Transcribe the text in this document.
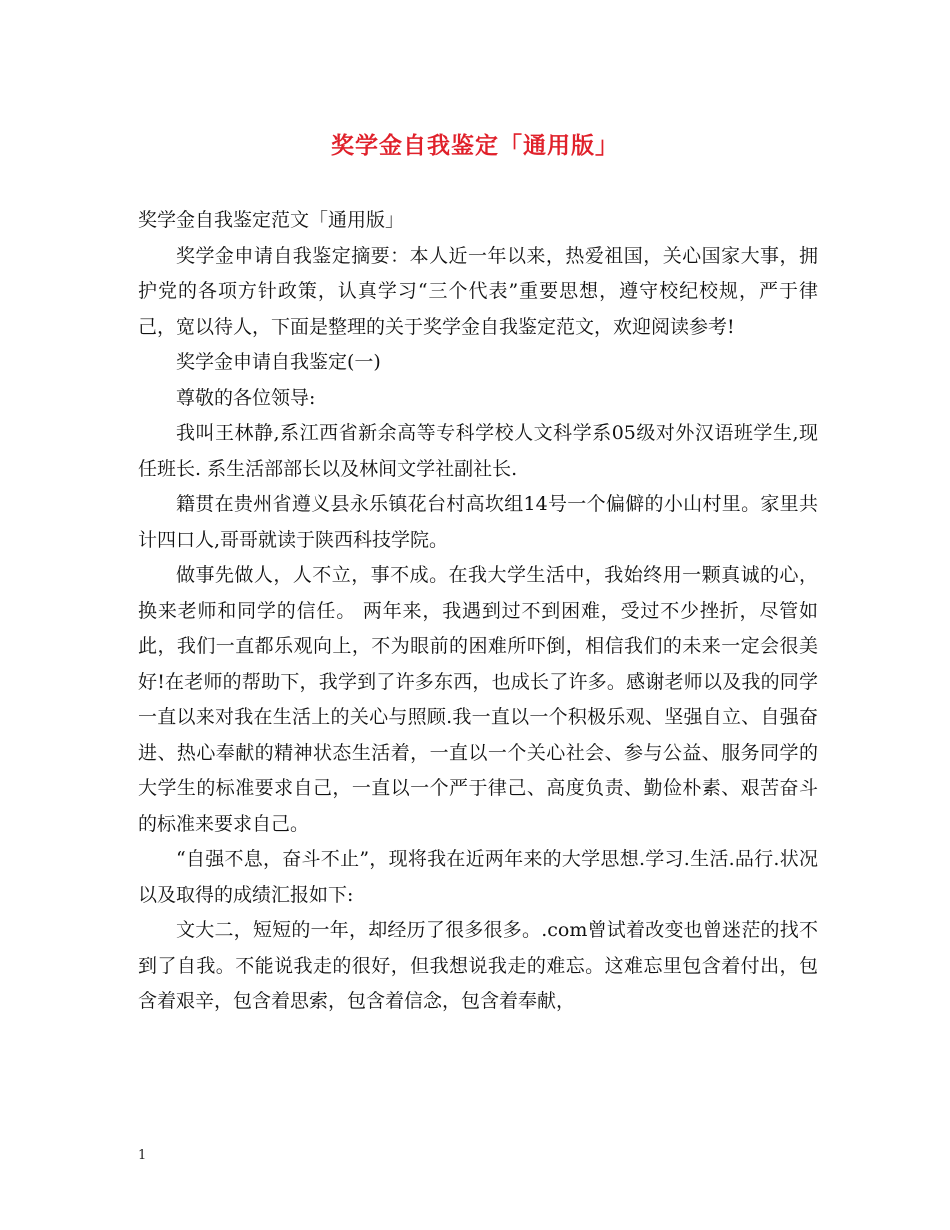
奖学金自我鉴定「通用版」

奖学金自我鉴定范文「通用版」

奖学金申请自我鉴定摘要：本人近一年以来，热爱祖国，关心国家大事，拥护党的各项方针政策，认真学习“三个代表”重要思想，遵守校纪校规，严于律己，宽以待人，下面是整理的关于奖学金自我鉴定范文，欢迎阅读参考!

奖学金申请自我鉴定(一)

尊敬的各位领导:

我叫王林静,系江西省新余高等专科学校人文科学系05级对外汉语班学生,现任班长. 系生活部部长以及林间文学社副社长.

籍贯在贵州省遵义县永乐镇花台村高坎组14号一个偏僻的小山村里。家里共计四口人,哥哥就读于陕西科技学院。

做事先做人，人不立，事不成。在我大学生活中，我始终用一颗真诚的心，换来老师和同学的信任。 两年来，我遇到过不到困难，受过不少挫折，尽管如此，我们一直都乐观向上，不为眼前的困难所吓倒，相信我们的未来一定会很美好!在老师的帮助下，我学到了许多东西，也成长了许多。感谢老师以及我的同学一直以来对我在生活上的关心与照顾.我一直以一个积极乐观、坚强自立、自强奋进、热心奉献的精神状态生活着，一直以一个关心社会、参与公益、服务同学的大学生的标准要求自己，一直以一个严于律己、高度负责、勤俭朴素、艰苦奋斗的标准来要求自己。

“自强不息，奋斗不止”，现将我在近两年来的大学思想.学习.生活.品行.状况以及取得的成绩汇报如下:

文大二，短短的一年，却经历了很多很多。.com曾试着改变也曾迷茫的找不到了自我。不能说我走的很好，但我想说我走的难忘。这难忘里包含着付出，包含着艰辛，包含着思索，包含着信念，包含着奉献，

1
